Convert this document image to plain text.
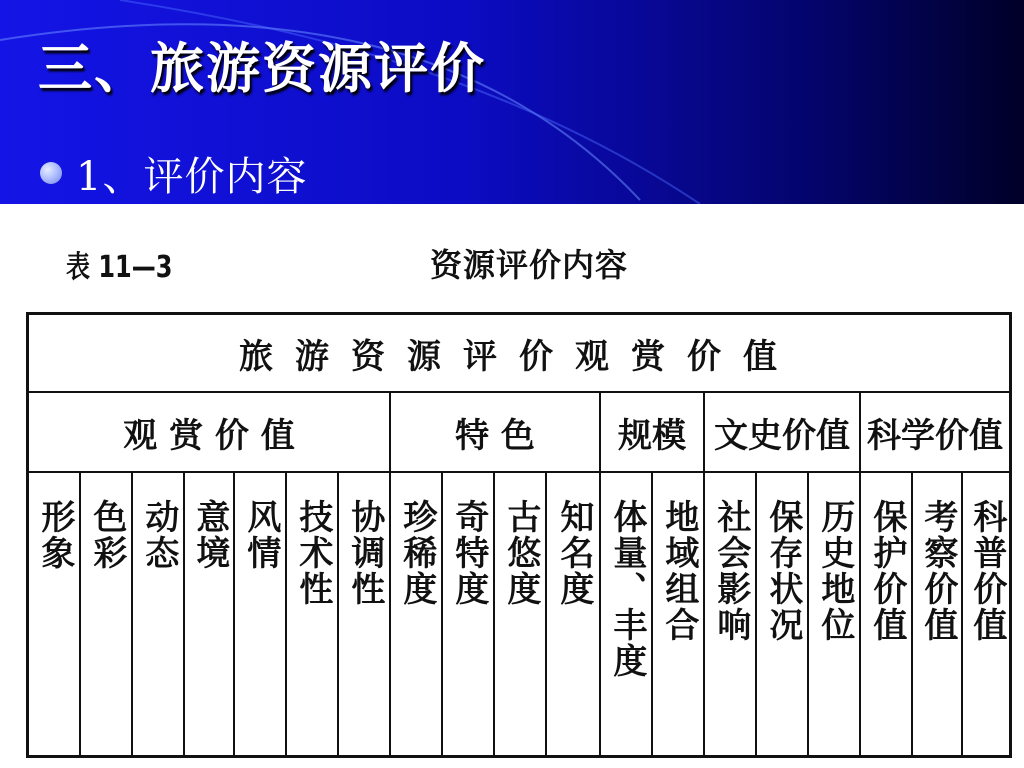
三、旅游资源评价
1、评价内容
表 11—3	资源评价内容
旅游资源评价观赏价值
观 赏 价 值	特 色	规模 文史价值 科学价值
形象 色彩 动态 意境 风情 技术性 协调性 珍稀度 奇特度 古悠度 知名度 体量、丰度 地域组合 社会影响 保存状况 历史地位 保护价值 考察价值 科普价值
